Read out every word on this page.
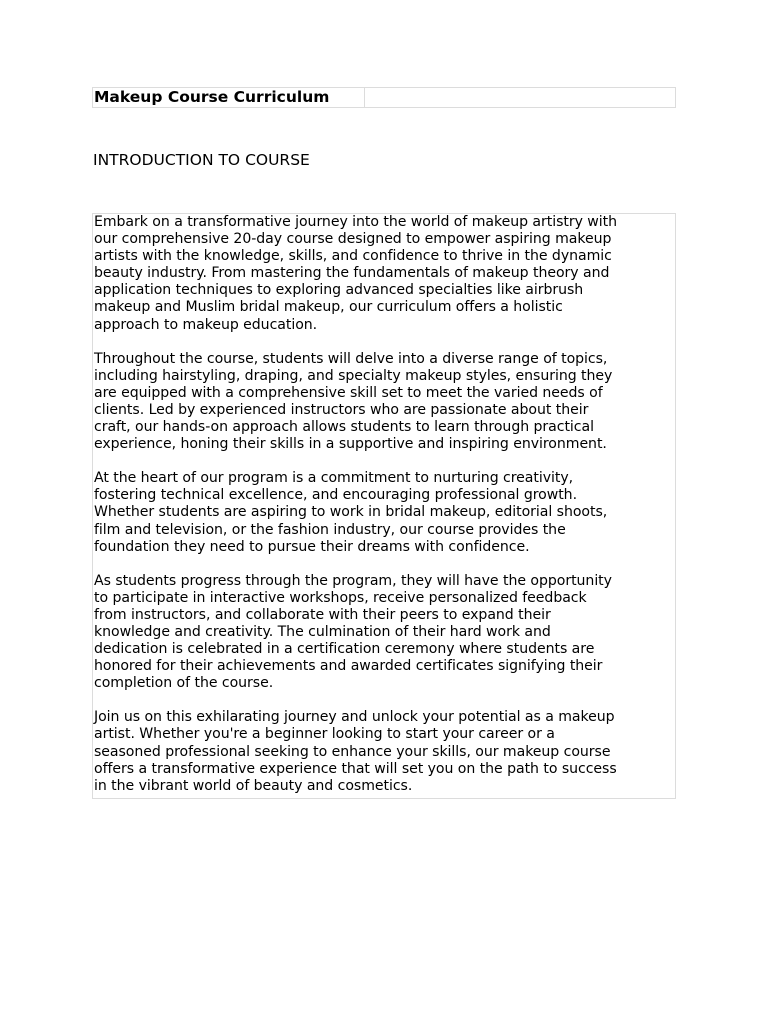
Makeup Course Curriculum
INTRODUCTION TO COURSE

Embark on a transformative journey into the world of makeup artistry with
our comprehensive 20-day course designed to empower aspiring makeup
artists with the knowledge, skills, and confidence to thrive in the dynamic
beauty industry. From mastering the fundamentals of makeup theory and
application techniques to exploring advanced specialties like airbrush
makeup and Muslim bridal makeup, our curriculum offers a holistic
approach to makeup education.

Throughout the course, students will delve into a diverse range of topics,
including hairstyling, draping, and specialty makeup styles, ensuring they
are equipped with a comprehensive skill set to meet the varied needs of
clients. Led by experienced instructors who are passionate about their
craft, our hands-on approach allows students to learn through practical
experience, honing their skills in a supportive and inspiring environment.

At the heart of our program is a commitment to nurturing creativity,
fostering technical excellence, and encouraging professional growth.
Whether students are aspiring to work in bridal makeup, editorial shoots,
film and television, or the fashion industry, our course provides the
foundation they need to pursue their dreams with confidence.

As students progress through the program, they will have the opportunity
to participate in interactive workshops, receive personalized feedback
from instructors, and collaborate with their peers to expand their
knowledge and creativity. The culmination of their hard work and
dedication is celebrated in a certification ceremony where students are
honored for their achievements and awarded certificates signifying their
completion of the course.

Join us on this exhilarating journey and unlock your potential as a makeup
artist. Whether you're a beginner looking to start your career or a
seasoned professional seeking to enhance your skills, our makeup course
offers a transformative experience that will set you on the path to success
in the vibrant world of beauty and cosmetics.
